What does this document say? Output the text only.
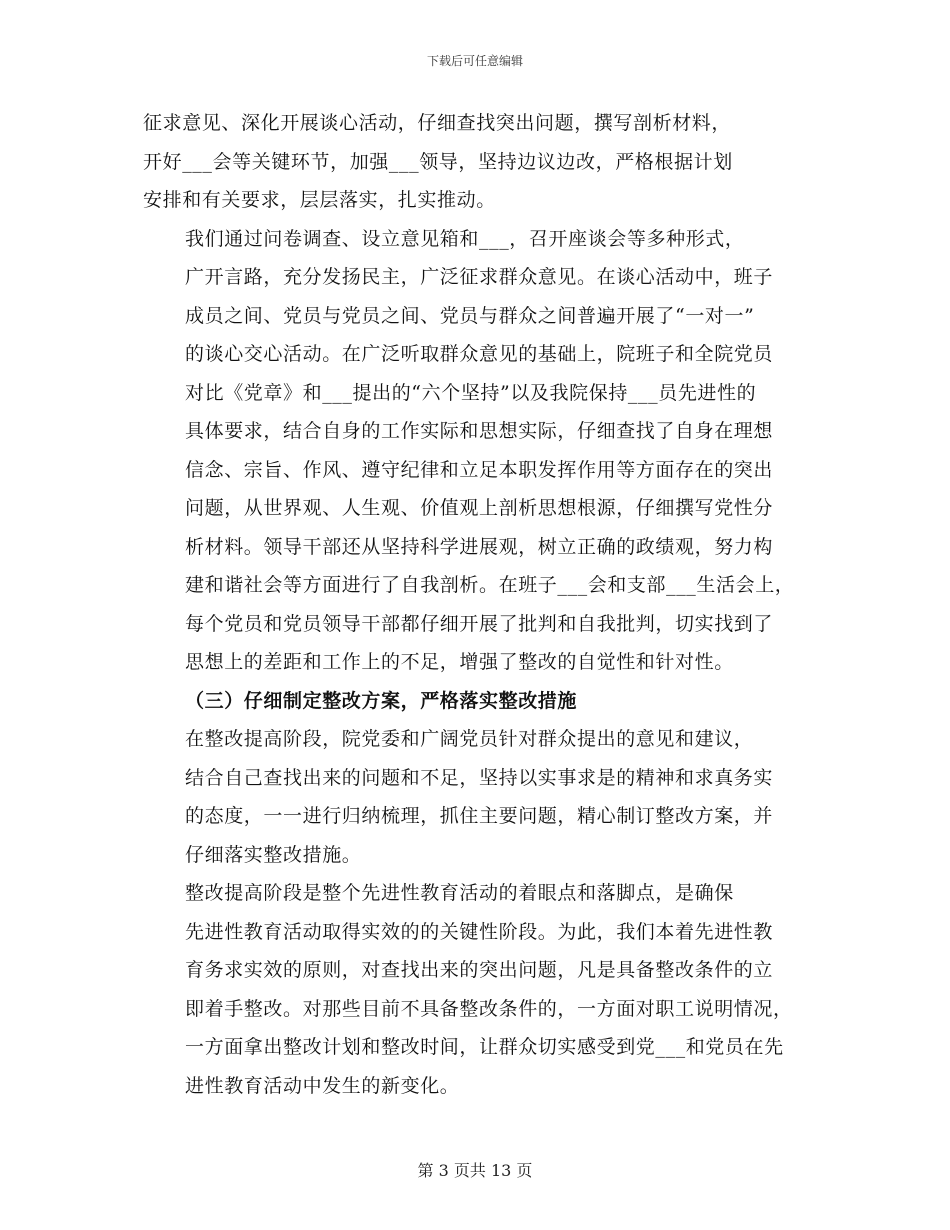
下载后可任意编辑

征求意见、深化开展谈心活动，仔细查找突出问题，撰写剖析材料，
开好___会等关键环节，加强___领导，坚持边议边改，严格根据计划
安排和有关要求，层层落实，扎实推动。

我们通过问卷调查、设立意见箱和___，召开座谈会等多种形式，
广开言路，充分发扬民主，广泛征求群众意见。在谈心活动中，班子
成员之间、党员与党员之间、党员与群众之间普遍开展了“一对一”
的谈心交心活动。在广泛听取群众意见的基础上，院班子和全院党员
对比《党章》和___提出的“六个坚持”以及我院保持___员先进性的
具体要求，结合自身的工作实际和思想实际，仔细查找了自身在理想
信念、宗旨、作风、遵守纪律和立足本职发挥作用等方面存在的突出
问题，从世界观、人生观、价值观上剖析思想根源，仔细撰写党性分
析材料。领导干部还从坚持科学进展观，树立正确的政绩观，努力构
建和谐社会等方面进行了自我剖析。在班子___会和支部___生活会上，
每个党员和党员领导干部都仔细开展了批判和自我批判，切实找到了
思想上的差距和工作上的不足，增强了整改的自觉性和针对性。

（三）仔细制定整改方案，严格落实整改措施

在整改提高阶段，院党委和广阔党员针对群众提出的意见和建议，
结合自己查找出来的问题和不足，坚持以实事求是的精神和求真务实
的态度，一一进行归纳梳理，抓住主要问题，精心制订整改方案，并
仔细落实整改措施。

整改提高阶段是整个先进性教育活动的着眼点和落脚点，是确保
先进性教育活动取得实效的的关键性阶段。为此，我们本着先进性教
育务求实效的原则，对查找出来的突出问题，凡是具备整改条件的立
即着手整改。对那些目前不具备整改条件的，一方面对职工说明情况，
一方面拿出整改计划和整改时间，让群众切实感受到党___和党员在先
进性教育活动中发生的新变化。

第 3 页共 13 页
